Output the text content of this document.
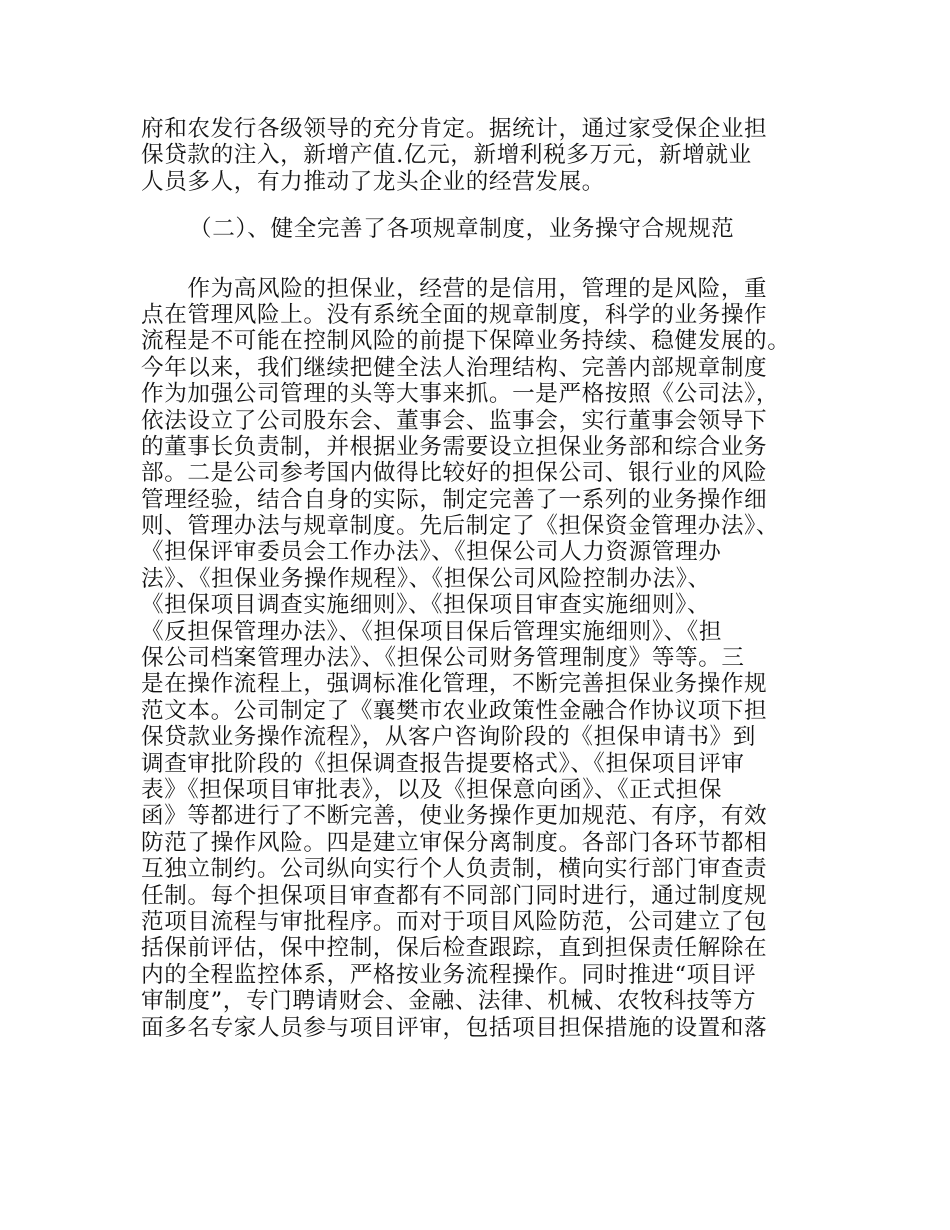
府和农发行各级领导的充分肯定。据统计，通过家受保企业担
保贷款的注入，新增产值.亿元，新增利税多万元，新增就业
人员多人，有力推动了龙头企业的经营发展。
（二）、健全完善了各项规章制度，业务操守合规规范
　　作为高风险的担保业，经营的是信用，管理的是风险，重
点在管理风险上。没有系统全面的规章制度，科学的业务操作
流程是不可能在控制风险的前提下保障业务持续、稳健发展的。
今年以来，我们继续把健全法人治理结构、完善内部规章制度
作为加强公司管理的头等大事来抓。一是严格按照《公司法》，
依法设立了公司股东会、董事会、监事会，实行董事会领导下
的董事长负责制，并根据业务需要设立担保业务部和综合业务
部。二是公司参考国内做得比较好的担保公司、银行业的风险
管理经验，结合自身的实际，制定完善了一系列的业务操作细
则、管理办法与规章制度。先后制定了《担保资金管理办法》、
《担保评审委员会工作办法》、《担保公司人力资源管理办
法》、《担保业务操作规程》、《担保公司风险控制办法》、
《担保项目调查实施细则》、《担保项目审查实施细则》、
《反担保管理办法》、《担保项目保后管理实施细则》、《担
保公司档案管理办法》、《担保公司财务管理制度》等等。三
是在操作流程上，强调标准化管理，不断完善担保业务操作规
范文本。公司制定了《襄樊市农业政策性金融合作协议项下担
保贷款业务操作流程》，从客户咨询阶段的《担保申请书》到
调查审批阶段的《担保调查报告提要格式》、《担保项目评审
表》《担保项目审批表》，以及《担保意向函》、《正式担保
函》等都进行了不断完善，使业务操作更加规范、有序，有效
防范了操作风险。四是建立审保分离制度。各部门各环节都相
互独立制约。公司纵向实行个人负责制，横向实行部门审查责
任制。每个担保项目审查都有不同部门同时进行，通过制度规
范项目流程与审批程序。而对于项目风险防范，公司建立了包
括保前评估，保中控制，保后检查跟踪，直到担保责任解除在
内的全程监控体系，严格按业务流程操作。同时推进“项目评
审制度”，专门聘请财会、金融、法律、机械、农牧科技等方
面多名专家人员参与项目评审，包括项目担保措施的设置和落
